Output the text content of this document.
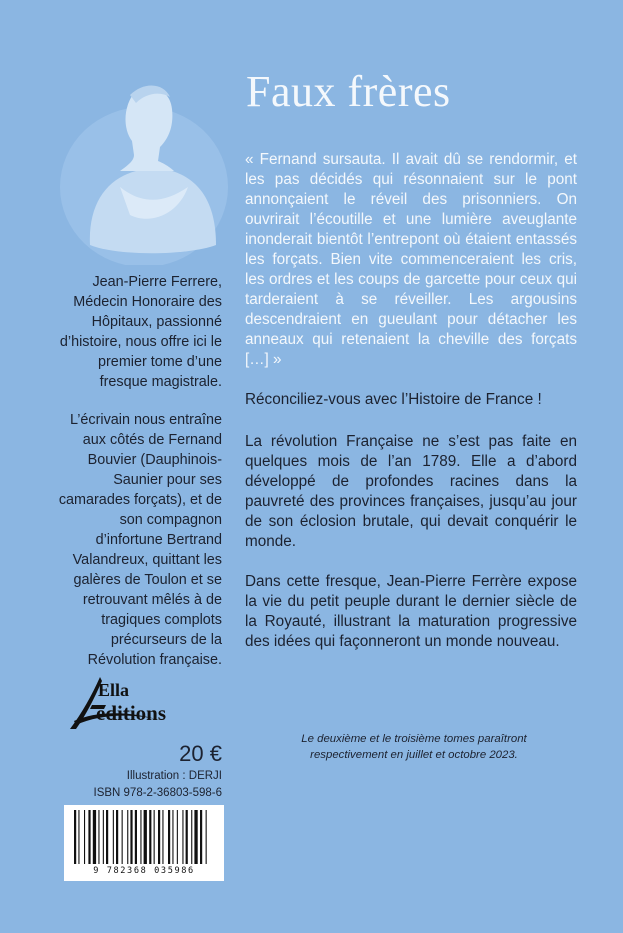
Faux frères

Jean-Pierre Ferrere, Médecin Honoraire des Hôpitaux, passionné d’histoire, nous offre ici le premier tome d’une fresque magistrale.

L’écrivain nous entraîne aux côtés de Fernand Bouvier (Dauphinois-Saunier pour ses camarades forçats), et de son compagnon d’infortune Bertrand Valandreux, quittant les galères de Toulon et se retrouvant mêlés à de tragiques complots précurseurs de la Révolution française.

« Fernand sursauta. Il avait dû se rendormir, et les pas décidés qui résonnaient sur le pont annonçaient le réveil des prisonniers. On ouvrirait l’écoutille et une lumière aveuglante inonderait bientôt l’entrepont où étaient entassés les forçats. Bien vite commenceraient les cris, les ordres et les coups de garcette pour ceux qui tarderaient à se réveiller. Les argousins descendraient en gueulant pour détacher les anneaux qui retenaient la cheville des forçats […] »

Réconciliez-vous avec l’Histoire de France !

La révolution Française ne s’est pas faite en quelques mois de l’an 1789. Elle a d’abord développé de profondes racines dans la pauvreté des provinces françaises, jusqu’au jour de son éclosion brutale, qui devait conquérir le monde.

Dans cette fresque, Jean-Pierre Ferrère expose la vie du petit peuple durant le dernier siècle de la Royauté, illustrant la maturation progressive des idées qui façonneront un monde nouveau.

Ella
éditions
20 €
Illustration : DERJI
ISBN 978-2-36803-598-6
9 782368 035986

Le deuxième et le troisième tomes paraîtront respectivement en juillet et octobre 2023.
